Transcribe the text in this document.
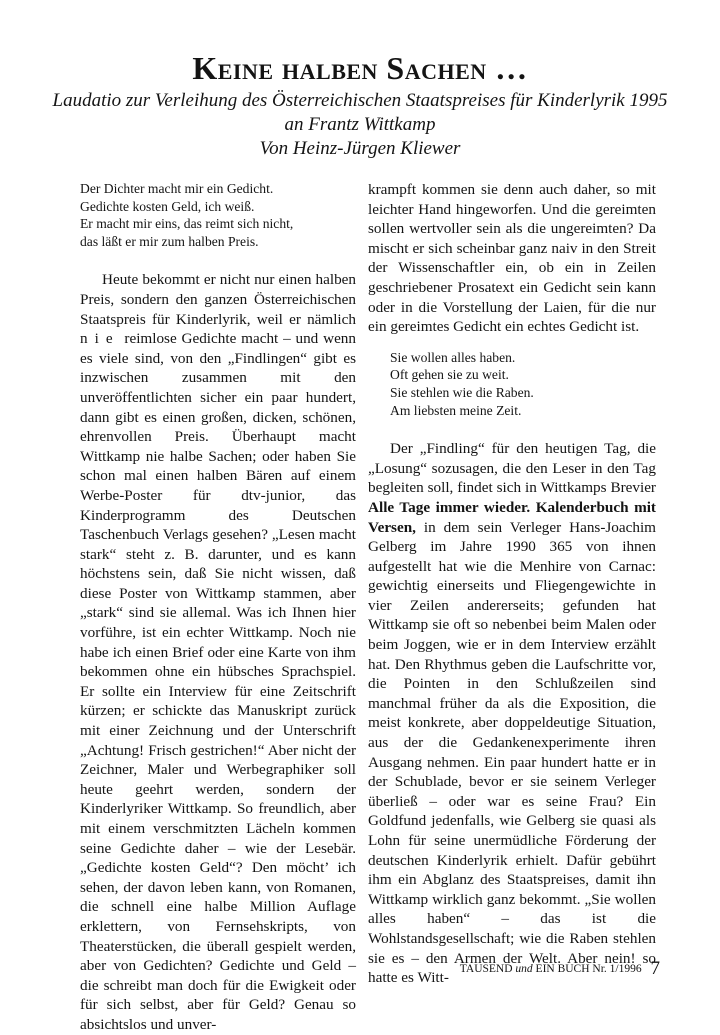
Keine halben Sachen …
Laudatio zur Verleihung des Österreichischen Staatspreises für Kinderlyrik 1995
an Frantz Wittkamp
Von Heinz-Jürgen Kliewer
Der Dichter macht mir ein Gedicht.
Gedichte kosten Geld, ich weiß.
Er macht mir eins, das reimt sich nicht,
das läßt er mir zum halben Preis.

Heute bekommt er nicht nur einen halben Preis, sondern den ganzen Österreichischen Staatspreis für Kinderlyrik, weil er nämlich nie reimlose Gedichte macht – und wenn es viele sind, von den „Findlingen“ gibt es inzwischen zusammen mit den unveröffentlichten sicher ein paar hundert, dann gibt es einen großen, dicken, schönen, ehrenvollen Preis. Überhaupt macht Wittkamp nie halbe Sachen; oder haben Sie schon mal einen halben Bären auf einem Werbe-Poster für dtv-junior, das Kinderprogramm des Deutschen Taschenbuch Verlags gesehen? „Lesen macht stark“ steht z. B. darunter, und es kann höchstens sein, daß Sie nicht wissen, daß diese Poster von Wittkamp stammen, aber „stark“ sind sie allemal. Was ich Ihnen hier vorführe, ist ein echter Wittkamp. Noch nie habe ich einen Brief oder eine Karte von ihm bekommen ohne ein hübsches Sprachspiel. Er sollte ein Interview für eine Zeitschrift kürzen; er schickte das Manuskript zurück mit einer Zeichnung und der Unterschrift „Achtung! Frisch gestrichen!“ Aber nicht der Zeichner, Maler und Werbegraphiker soll heute geehrt werden, sondern der Kinderlyriker Wittkamp. So freundlich, aber mit einem verschmitzten Lächeln kommen seine Gedichte daher – wie der Lesebär. „Gedichte kosten Geld“? Den möcht’ ich sehen, der davon leben kann, von Romanen, die schnell eine halbe Million Auflage erklettern, von Fernsehskripts, von Theaterstücken, die überall gespielt werden, aber von Gedichten? Gedichte und Geld – die schreibt man doch für die Ewigkeit oder für sich selbst, aber für Geld? Genau so absichtslos und unver-

krampft kommen sie denn auch daher, so mit leichter Hand hingeworfen. Und die gereimten sollen wertvoller sein als die ungereimten? Da mischt er sich scheinbar ganz naiv in den Streit der Wissenschaftler ein, ob ein in Zeilen geschriebener Prosatext ein Gedicht sein kann oder in die Vorstellung der Laien, für die nur ein gereimtes Gedicht ein echtes Gedicht ist.

Sie wollen alles haben.
Oft gehen sie zu weit.
Sie stehlen wie die Raben.
Am liebsten meine Zeit.

Der „Findling“ für den heutigen Tag, die „Losung“ sozusagen, die den Leser in den Tag begleiten soll, findet sich in Wittkamps Brevier Alle Tage immer wieder. Kalenderbuch mit Versen, in dem sein Verleger Hans-Joachim Gelberg im Jahre 1990 365 von ihnen aufgestellt hat wie die Menhire von Carnac: gewichtig einerseits und Fliegengewichte in vier Zeilen andererseits; gefunden hat Wittkamp sie oft so nebenbei beim Malen oder beim Joggen, wie er in dem Interview erzählt hat. Den Rhythmus geben die Laufschritte vor, die Pointen in den Schlußzeilen sind manchmal früher da als die Exposition, die meist konkrete, aber doppeldeutige Situation, aus der die Gedankenexperimente ihren Ausgang nehmen. Ein paar hundert hatte er in der Schublade, bevor er sie seinem Verleger überließ – oder war es seine Frau? Ein Goldfund jedenfalls, wie Gelberg sie quasi als Lohn für seine unermüdliche Förderung der deutschen Kinderlyrik erhielt. Dafür gebührt ihm ein Abglanz des Staatspreises, damit ihn Wittkamp wirklich ganz bekommt. „Sie wollen alles haben“ – das ist die Wohlstandsgesellschaft; wie die Raben stehlen sie es – den Armen der Welt. Aber nein! so hatte es Witt-

TAUSEND und EIN BUCH Nr. 1/1996 7
